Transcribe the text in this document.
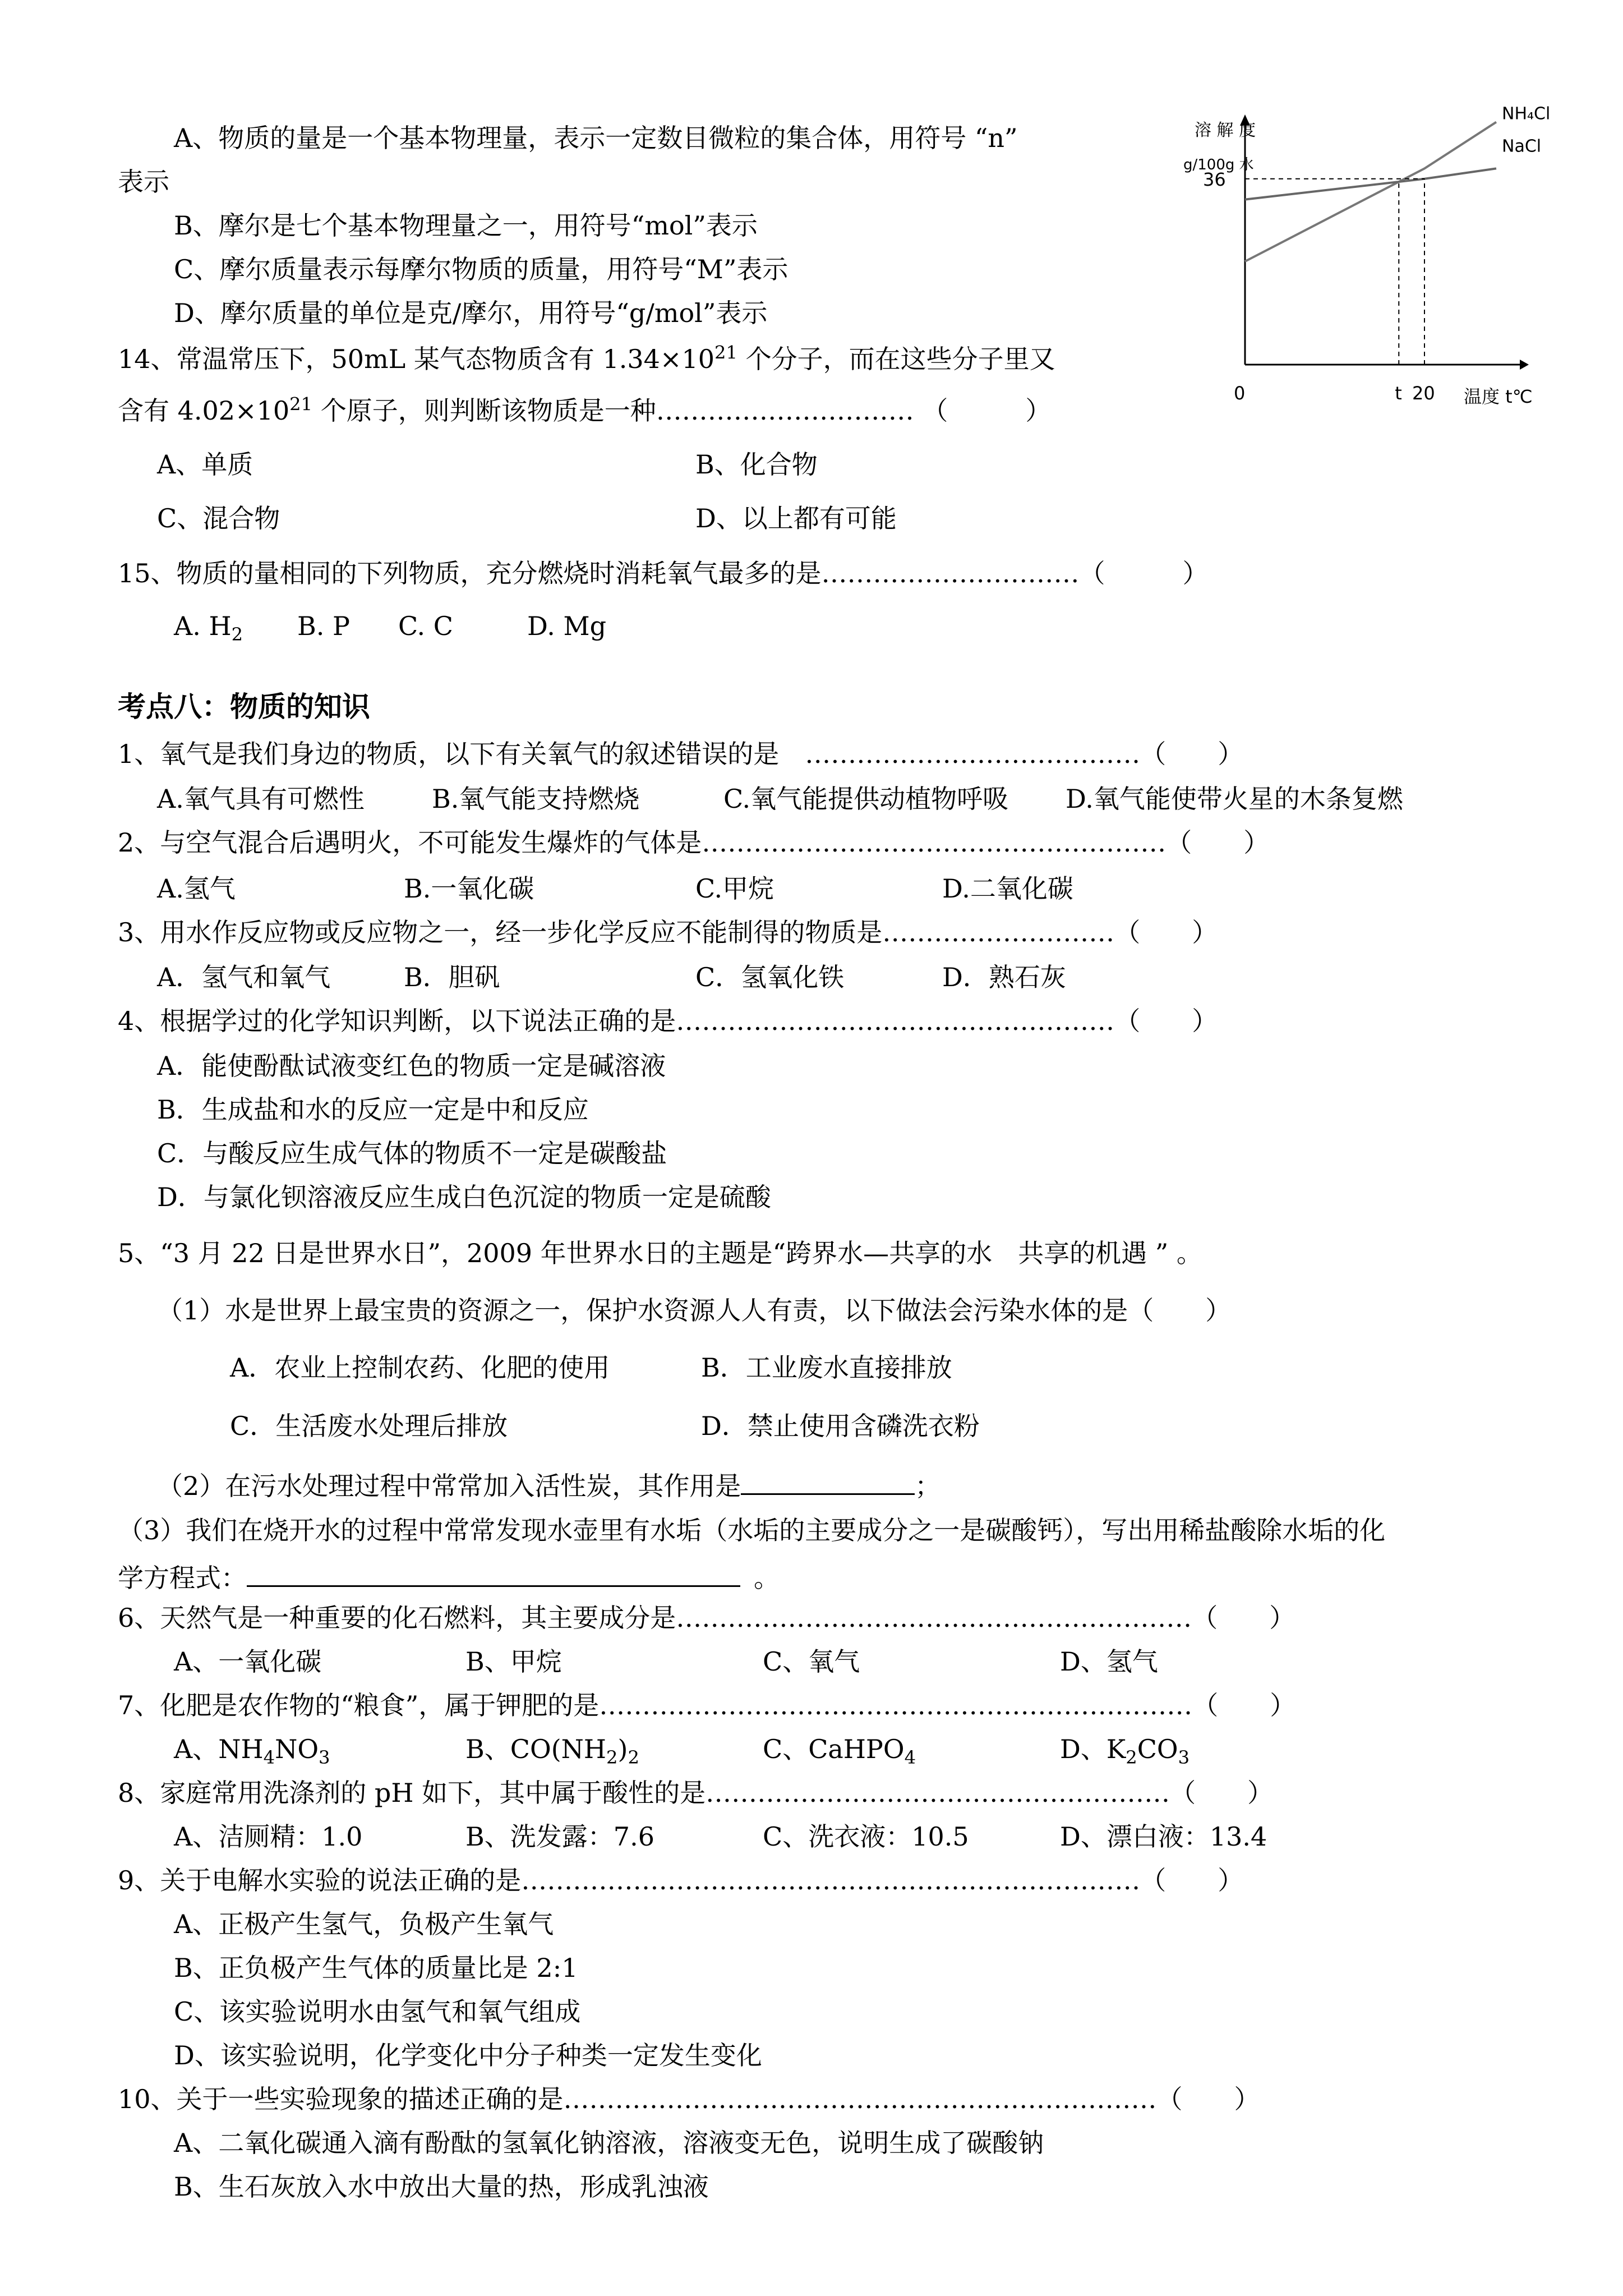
A、物质的量是一个基本物理量，表示一定数目微粒的集合体，用符号 “n”
表示
B、摩尔是七个基本物理量之一，用符号“mol”表示
C、摩尔质量表示每摩尔物质的质量，用符号“M”表示
D、摩尔质量的单位是克/摩尔，用符号“g/mol”表示
14、常温常压下，50mL 某气态物质含有 $1.34\times 10^{21}$ 个分子，而在这些分子里又
含有 $4.02\times 10^{21}$ 个原子，则判断该物质是一种………………………… （　　　）
A、单质	B、化合物
C、混合物	D、以上都有可能
15、物质的量相同的下列物质，充分燃烧时消耗氧气最多的是…………………………（　　　）
A. $H_2$ B. P C. C	D. Mg
溶 解 度
g/100g 水
温度 t℃
NH₄Cl
NaCl
0	t 20
36
考点八：物质的知识
1、氧气是我们身边的物质，以下有关氧气的叙述错误的是　…………………………………（　　）
A.氧气具有可燃性	B.氧气能支持燃烧	C.氧气能提供动植物呼吸 D.氧气能使带火星的木条复燃
2、与空气混合后遇明火，不可能发生爆炸的气体是………………………………………………（　　）
A.氢气	B.一氧化碳	C.甲烷	D.二氧化碳
3、用水作反应物或反应物之一，经一步化学反应不能制得的物质是………………………（　　）
A．氢气和氧气	B．胆矾	C．氢氧化铁	D．熟石灰
4、根据学过的化学知识判断，以下说法正确的是……………………………………………（　　）
A．能使酚酞试液变红色的物质一定是碱溶液
B．生成盐和水的反应一定是中和反应
C．与酸反应生成气体的物质不一定是碳酸盐
D．与氯化钡溶液反应生成白色沉淀的物质一定是硫酸
5、“3 月 22 日是世界水日”，2009 年世界水日的主题是“跨界水—共享的水　共享的机遇 ” 。
（1）水是世界上最宝贵的资源之一，保护水资源人人有责，以下做法会污染水体的是（　　）
A．农业上控制农药、化肥的使用	B．工业废水直接排放
C．生活废水处理后排放	D．禁止使用含磷洗衣粉
（2）在污水处理过程中常常加入活性炭，其作用是	；
（3）我们在烧开水的过程中常常发现水壶里有水垢（水垢的主要成分之一是碳酸钙），写出用稀盐酸除水垢的化
学方程式：	。
6、天然气是一种重要的化石燃料，其主要成分是……………………………………………………（　　）
A、一氧化碳	B、甲烷	C、氧气	D、氢气
7、化肥是农作物的“粮食”，属于钾肥的是……………………………………………………………（　　）
A、$NH_4NO_3$	B、$CO(NH_2)_2$	C、CaHPO$_4$	D、$K_2CO_3$
8、家庭常用洗涤剂的 pH 如下，其中属于酸性的是………………………………………………（　　）
A、洁厕精：1.0	B、洗发露：7.6	C、洗衣液：10.5	D、漂白液：13.4
9、关于电解水实验的说法正确的是………………………………………………………………（　　）
A、正极产生氢气，负极产生氧气
B、正负极产生气体的质量比是 2:1
C、该实验说明水由氢气和氧气组成
D、该实验说明，化学变化中分子种类一定发生变化
10、关于一些实验现象的描述正确的是……………………………………………………………（　　）
A、二氧化碳通入滴有酚酞的氢氧化钠溶液，溶液变无色，说明生成了碳酸钠
B、生石灰放入水中放出大量的热，形成乳浊液
